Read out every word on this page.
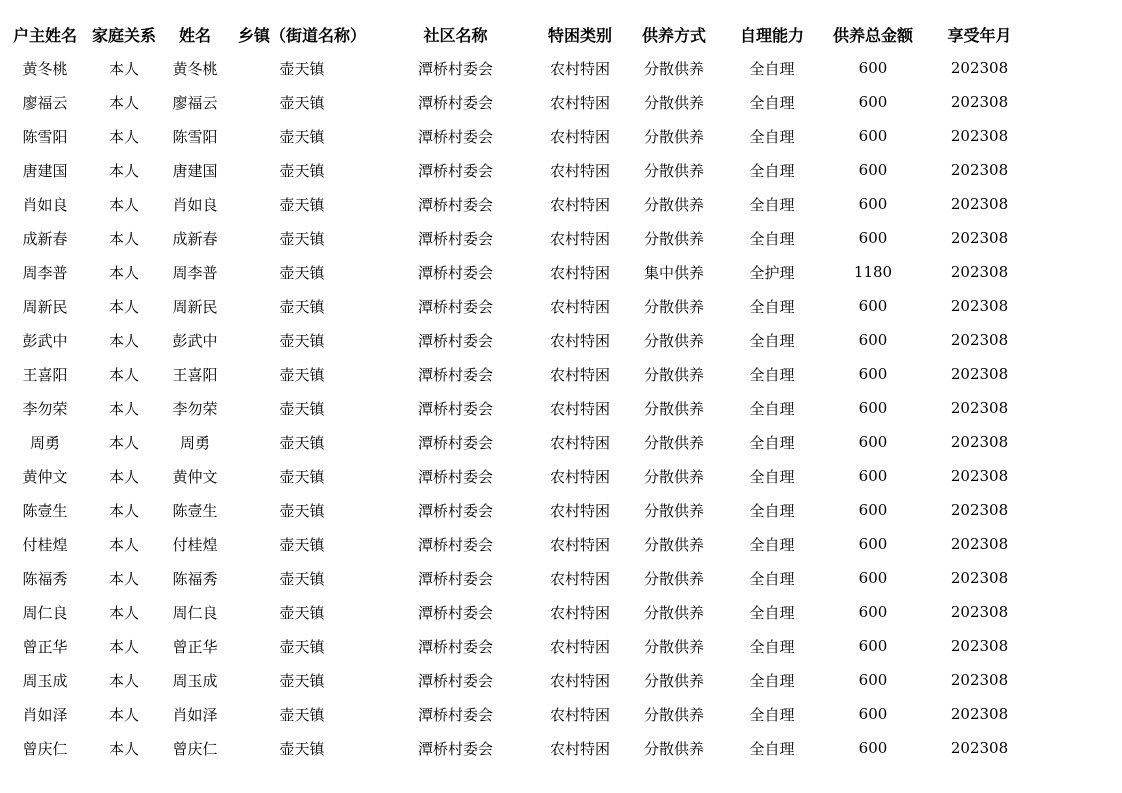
户主姓名	家庭关系	姓名	乡镇（街道名称）	社区名称	特困类别	供养方式	自理能力	供养总金额	享受年月	
黄冬桃	本人	黄冬桃	壶天镇	潭桥村委会	农村特困	分散供养	全自理	600	202308	
廖福云	本人	廖福云	壶天镇	潭桥村委会	农村特困	分散供养	全自理	600	202308	
陈雪阳	本人	陈雪阳	壶天镇	潭桥村委会	农村特困	分散供养	全自理	600	202308	
唐建国	本人	唐建国	壶天镇	潭桥村委会	农村特困	分散供养	全自理	600	202308	
肖如良	本人	肖如良	壶天镇	潭桥村委会	农村特困	分散供养	全自理	600	202308	
成新春	本人	成新春	壶天镇	潭桥村委会	农村特困	分散供养	全自理	600	202308	
周李普	本人	周李普	壶天镇	潭桥村委会	农村特困	集中供养	全护理	1180	202308	
周新民	本人	周新民	壶天镇	潭桥村委会	农村特困	分散供养	全自理	600	202308	
彭武中	本人	彭武中	壶天镇	潭桥村委会	农村特困	分散供养	全自理	600	202308	
王喜阳	本人	王喜阳	壶天镇	潭桥村委会	农村特困	分散供养	全自理	600	202308	
李勿荣	本人	李勿荣	壶天镇	潭桥村委会	农村特困	分散供养	全自理	600	202308	
周勇	本人	周勇	壶天镇	潭桥村委会	农村特困	分散供养	全自理	600	202308	
黄仲文	本人	黄仲文	壶天镇	潭桥村委会	农村特困	分散供养	全自理	600	202308	
陈壹生	本人	陈壹生	壶天镇	潭桥村委会	农村特困	分散供养	全自理	600	202308	
付桂煌	本人	付桂煌	壶天镇	潭桥村委会	农村特困	分散供养	全自理	600	202308	
陈福秀	本人	陈福秀	壶天镇	潭桥村委会	农村特困	分散供养	全自理	600	202308	
周仁良	本人	周仁良	壶天镇	潭桥村委会	农村特困	分散供养	全自理	600	202308	
曾正华	本人	曾正华	壶天镇	潭桥村委会	农村特困	分散供养	全自理	600	202308	
周玉成	本人	周玉成	壶天镇	潭桥村委会	农村特困	分散供养	全自理	600	202308	
肖如泽	本人	肖如泽	壶天镇	潭桥村委会	农村特困	分散供养	全自理	600	202308	
曾庆仁	本人	曾庆仁	壶天镇	潭桥村委会	农村特困	分散供养	全自理	600	202308	
